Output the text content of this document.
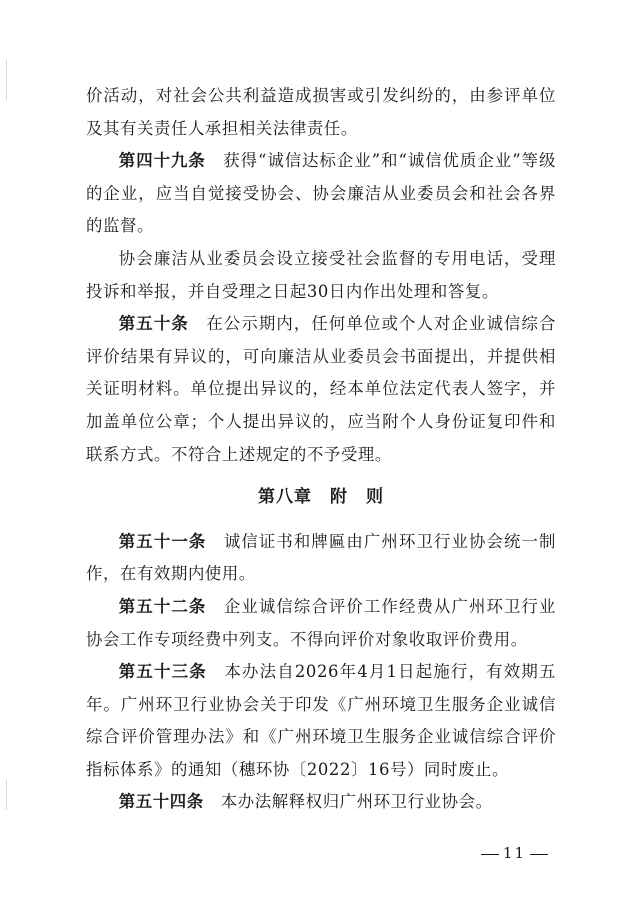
价活动，对社会公共利益造成损害或引发纠纷的，由参评单位及其有关责任人承担相关法律责任。

第四十九条　 获得“诚信达标企业”和“诚信优质企业”等级的企业，应当自觉接受协会、协会廉洁从业委员会和社会各界的监督。

协会廉洁从业委员会设立接受社会监督的专用电话，受理投诉和举报，并自受理之日起30日内作出处理和答复。

第五十条　 在公示期内，任何单位或个人对企业诚信综合评价结果有异议的，可向廉洁从业委员会书面提出，并提供相关证明材料。单位提出异议的，经本单位法定代表人签字，并加盖单位公章；个人提出异议的，应当附个人身份证复印件和联系方式。不符合上述规定的不予受理。

第八章　附　则

第五十一条　 诚信证书和牌匾由广州环卫行业协会统一制作，在有效期内使用。

第五十二条　 企业诚信综合评价工作经费从广州环卫行业协会工作专项经费中列支。不得向评价对象收取评价费用。

第五十三条　 本办法自2026年4月1日起施行，有效期五年。广州环卫行业协会关于印发《广州环境卫生服务企业诚信综合评价管理办法》和《广州环境卫生服务企业诚信综合评价指标体系》的通知（穗环协〔2022〕16号）同时废止。

第五十四条　 本办法解释权归广州环卫行业协会。

11
